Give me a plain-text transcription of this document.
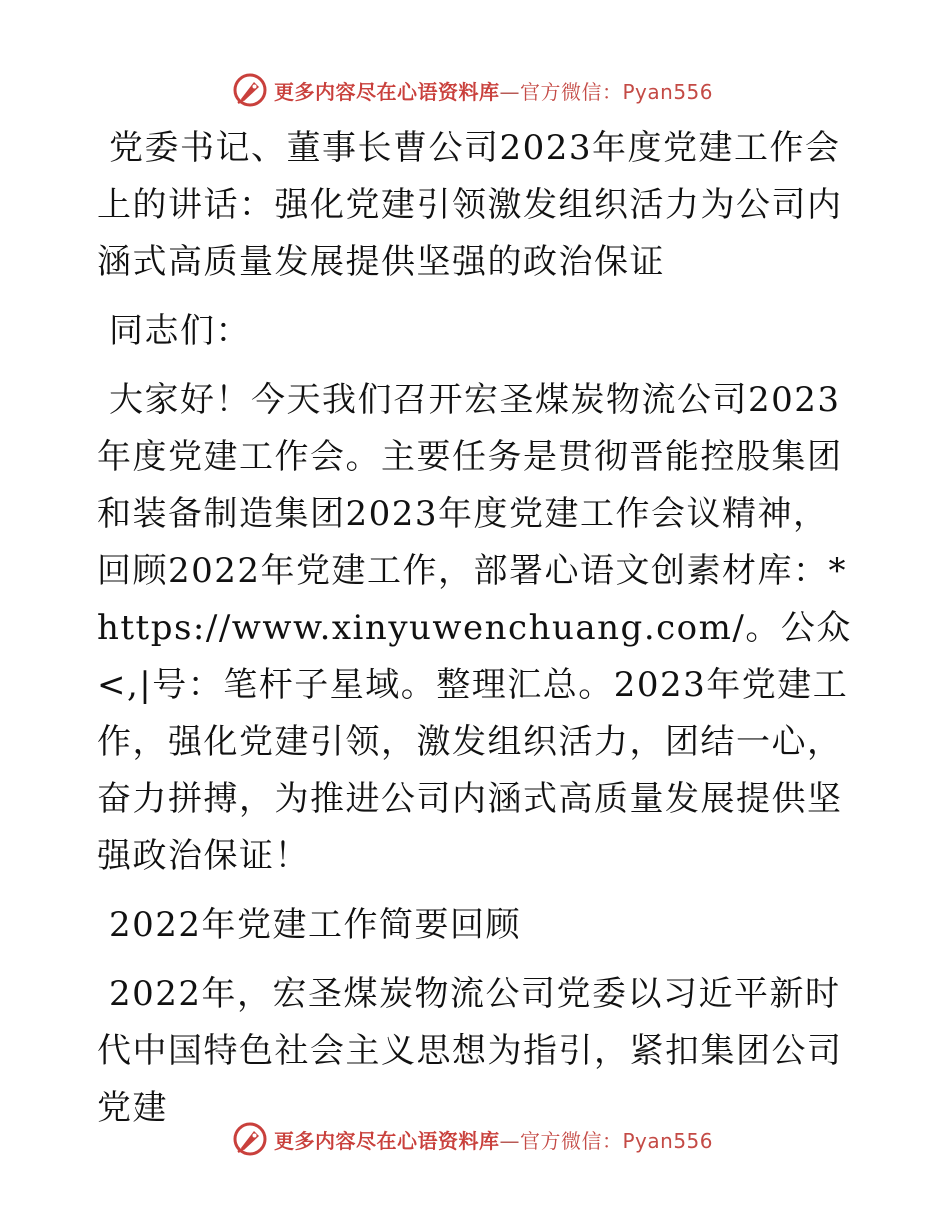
更多内容尽在心语资料库—官方微信：Pyan556

党委书记、董事长曹公司2023年度党建工作会上的讲话：强化党建引领激发组织活力为公司内涵式高质量发展提供坚强的政治保证

同志们：

大家好！今天我们召开宏圣煤炭物流公司2023年度党建工作会。主要任务是贯彻晋能控股集团和装备制造集团2023年度党建工作会议精神，回顾2022年党建工作，部署心语文创素材库：*https://www.xinyuwenchuang.com/。公众<,|号：笔杆子星域。整理汇总。2023年党建工作，强化党建引领，激发组织活力，团结一心，奋力拼搏，为推进公司内涵式高质量发展提供坚强政治保证！

2022年党建工作简要回顾

2022年，宏圣煤炭物流公司党委以习近平新时代中国特色社会主义思想为指引，紧扣集团公司党建

更多内容尽在心语资料库—官方微信：Pyan556
